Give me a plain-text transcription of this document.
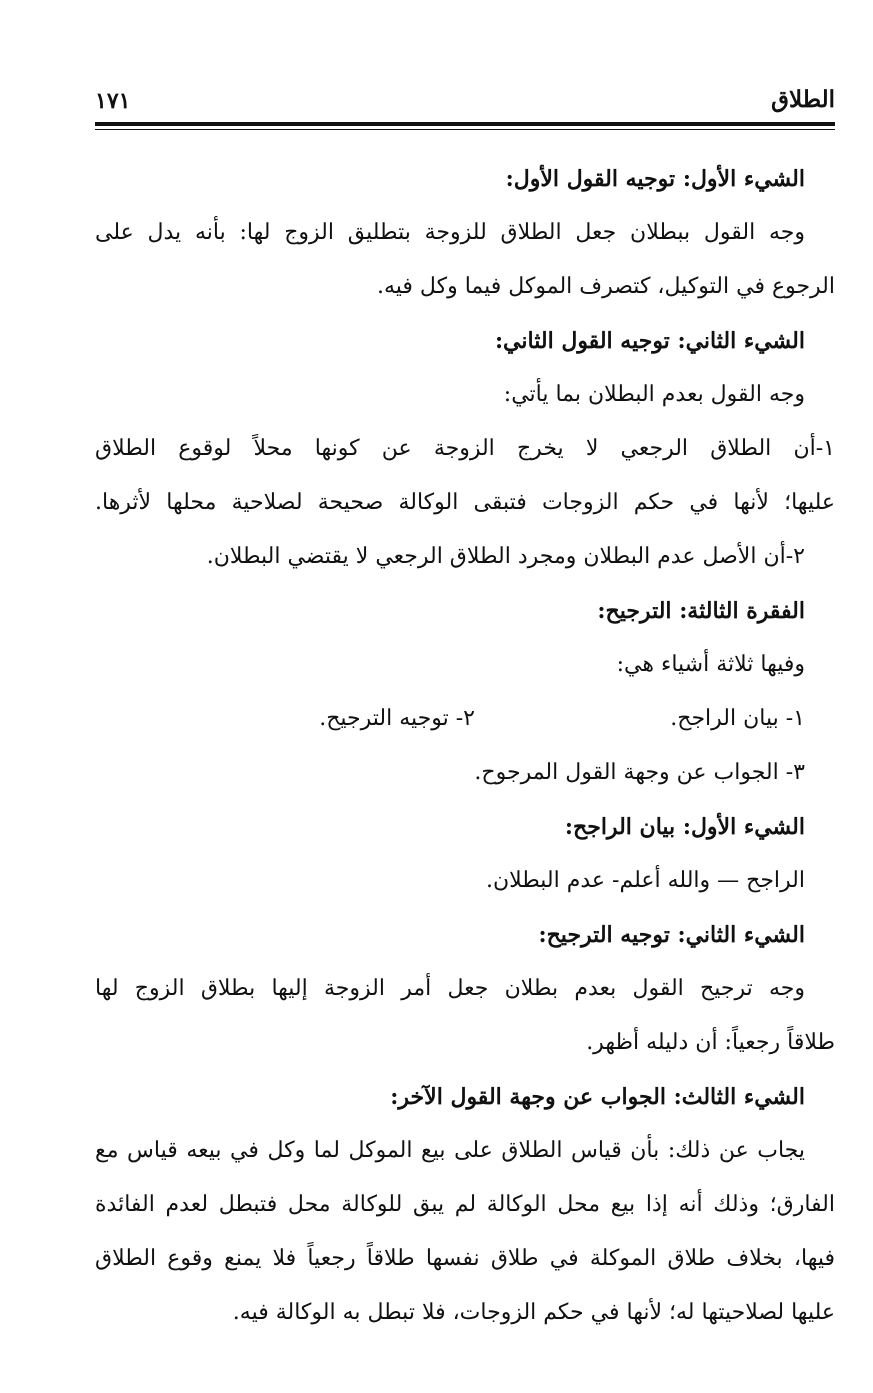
الطلاق
١٧١
الشيء الأول: توجيه القول الأول:
وجه القول ببطلان جعل الطلاق للزوجة بتطليق الزوج لها: بأنه يدل على
الرجوع في التوكيل، كتصرف الموكل فيما وكل فيه.
الشيء الثاني: توجيه القول الثاني:
وجه القول بعدم البطلان بما يأتي:
١-أن الطلاق الرجعي لا يخرج الزوجة عن كونها محلاً لوقوع الطلاق
عليها؛ لأنها في حكم الزوجات فتبقى الوكالة صحيحة لصلاحية محلها لأثرها.
٢-أن الأصل عدم البطلان ومجرد الطلاق الرجعي لا يقتضي البطلان.
الفقرة الثالثة: الترجيح:
وفيها ثلاثة أشياء هي:
١- بيان الراجح.
٢- توجيه الترجيح.
٣- الجواب عن وجهة القول المرجوح.
الشيء الأول: بيان الراجح:
الراجح — والله أعلم- عدم البطلان.
الشيء الثاني: توجيه الترجيح:
وجه ترجيح القول بعدم بطلان جعل أمر الزوجة إليها بطلاق الزوج لها
طلاقاً رجعياً: أن دليله أظهر.
الشيء الثالث: الجواب عن وجهة القول الآخر:
يجاب عن ذلك: بأن قياس الطلاق على بيع الموكل لما وكل في بيعه قياس مع
الفارق؛ وذلك أنه إذا بيع محل الوكالة لم يبق للوكالة محل فتبطل لعدم الفائدة
فيها، بخلاف طلاق الموكلة في طلاق نفسها طلاقاً رجعياً فلا يمنع وقوع الطلاق
عليها لصلاحيتها له؛ لأنها في حكم الزوجات، فلا تبطل به الوكالة فيه.
